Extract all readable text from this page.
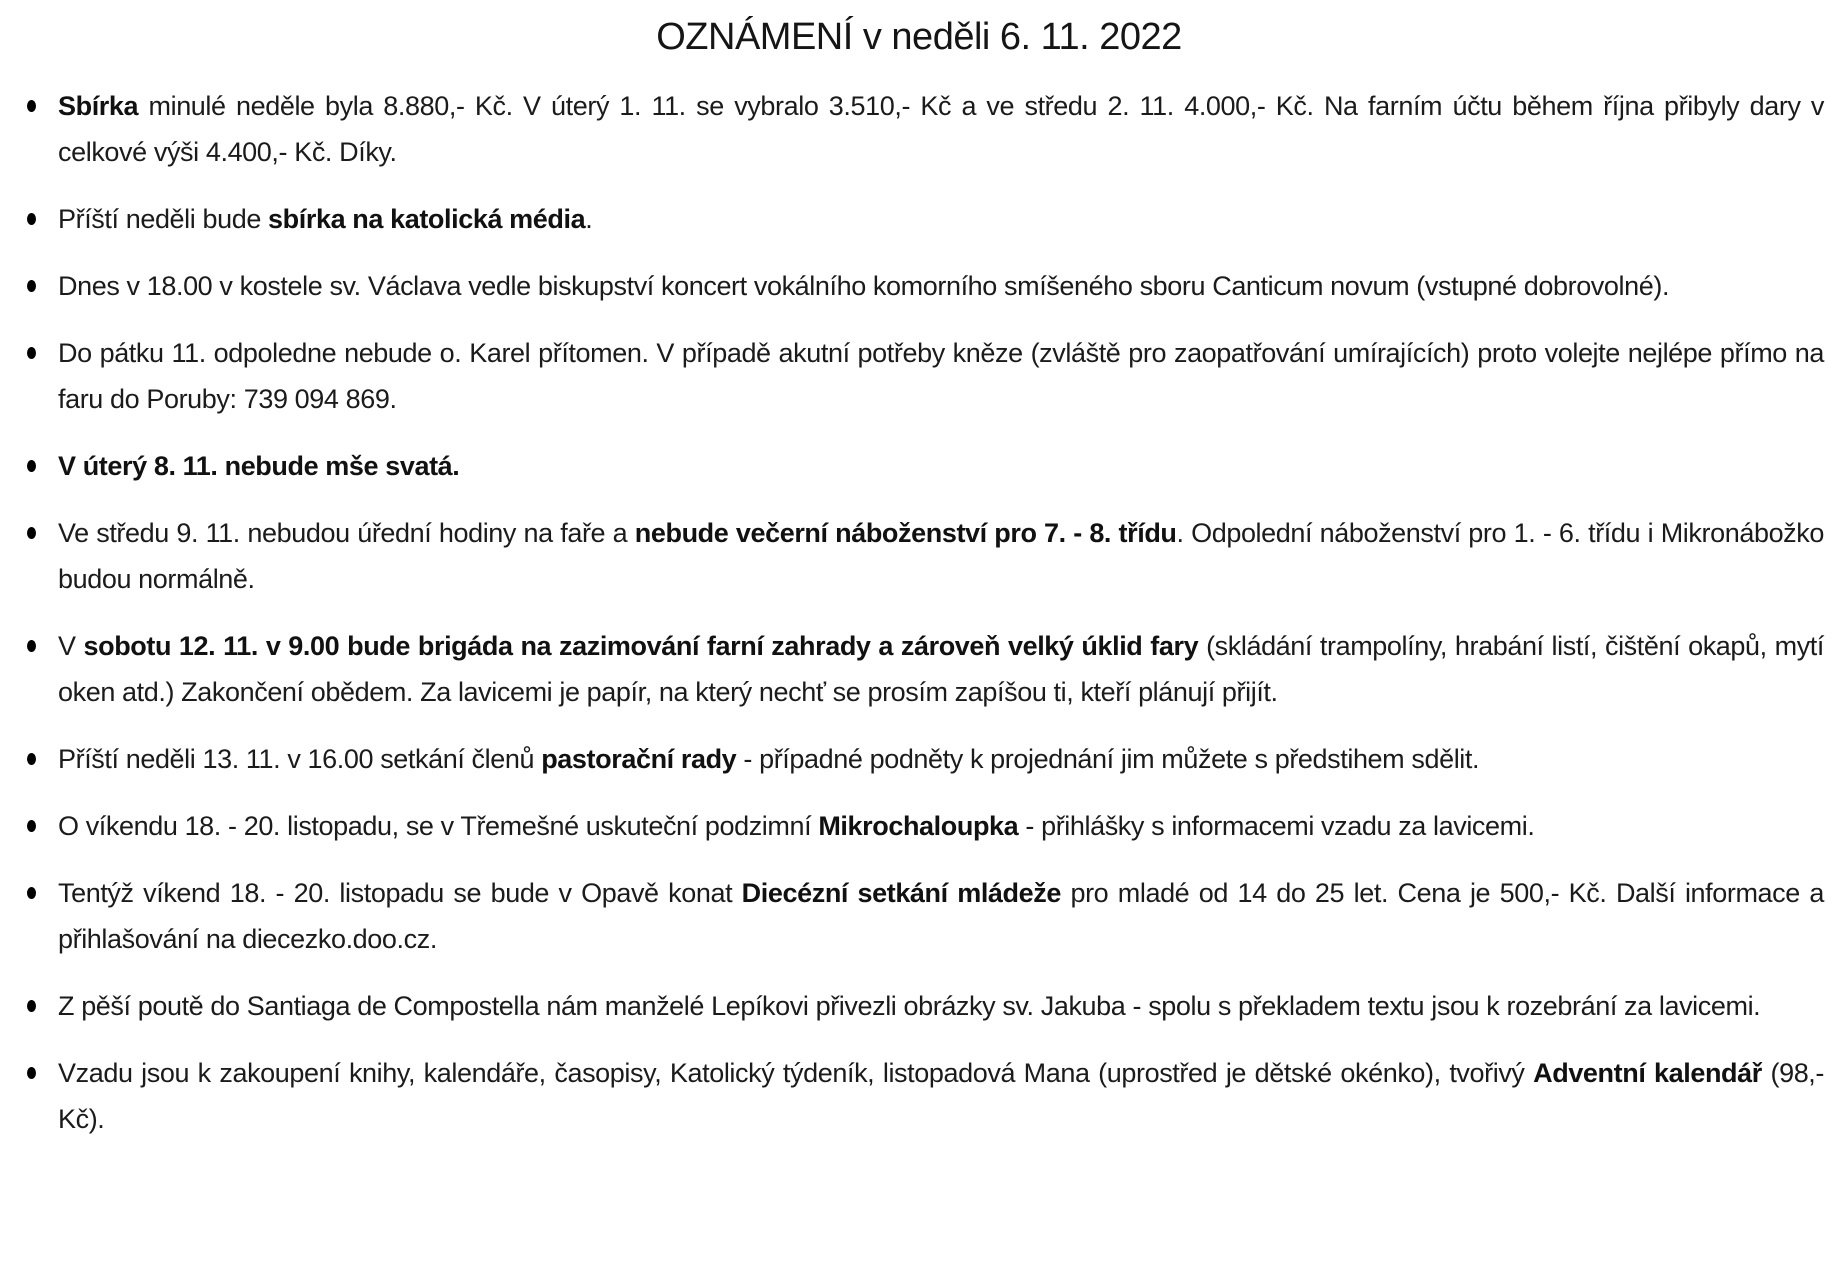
OZNÁMENÍ v neděli 6. 11. 2022
Sbírka minulé neděle byla 8.880,- Kč. V úterý 1. 11. se vybralo 3.510,- Kč a ve středu 2. 11. 4.000,- Kč. Na farním účtu během října přibyly dary v celkové výši 4.400,- Kč. Díky.
Příští neděli bude sbírka na katolická média.
Dnes v 18.00 v kostele sv. Václava vedle biskupství koncert vokálního komorního smíšeného sboru Canticum novum (vstupné dobrovolné).
Do pátku 11. odpoledne nebude o. Karel přítomen. V případě akutní potřeby kněze (zvláště pro zaopatřování umírajících) proto volejte nejlépe přímo na faru do Poruby: 739 094 869.
V úterý 8. 11. nebude mše svatá.
Ve středu 9. 11. nebudou úřední hodiny na faře a nebude večerní náboženství pro 7. - 8. třídu. Odpolední náboženství pro 1. - 6. třídu i Mikronábožko budou normálně.
V sobotu 12. 11. v 9.00 bude brigáda na zazimování farní zahrady a zároveň velký úklid fary (skládání trampolíny, hrabání listí, čištění okapů, mytí oken atd.) Zakončení obědem. Za lavicemi je papír, na který nechť se prosím zapíšou ti, kteří plánují přijít.
Příští neděli 13. 11. v 16.00 setkání členů pastorační rady - případné podněty k projednání jim můžete s předstihem sdělit.
O víkendu 18. - 20. listopadu, se v Třemešné uskuteční podzimní Mikrochaloupka - přihlášky s informacemi vzadu za lavicemi.
Tentýž víkend 18. - 20. listopadu se bude v Opavě konat Diecézní setkání mládeže pro mladé od 14 do 25 let. Cena je 500,- Kč. Další informace a přihlašování na diecezko.doo.cz.
Z pěší poutě do Santiaga de Compostella nám manželé Lepíkovi přivezli obrázky sv. Jakuba - spolu s překladem textu jsou k rozebrání za lavicemi.
Vzadu jsou k zakoupení knihy, kalendáře, časopisy, Katolický týdeník, listopadová Mana (uprostřed je dětské okénko), tvořivý Adventní kalendář (98,- Kč).
